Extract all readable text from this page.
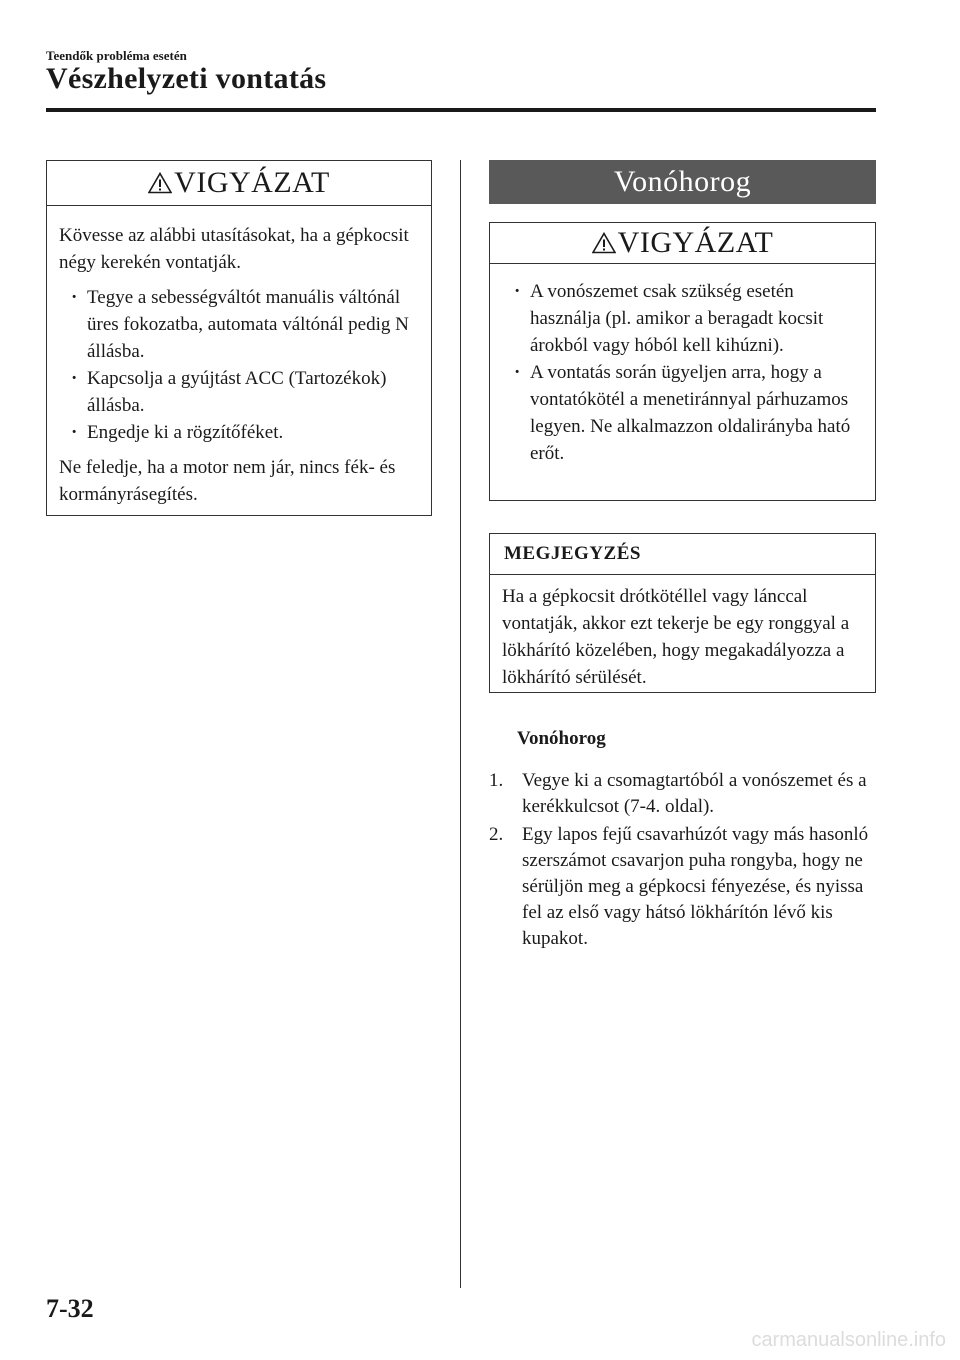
Teendők probléma esetén
Vészhelyzeti vontatás
VIGYÁZAT

Kövesse az alábbi utasításokat, ha a gépkocsit négy kerekén vontatják.

· Tegye a sebességváltót manuális váltónál üres fokozatba, automata váltónál pedig N állásba.
· Kapcsolja a gyújtást ACC (Tartozékok) állásba.
· Engedje ki a rögzítőféket.

Ne feledje, ha a motor nem jár, nincs fék- és kormányrásegítés.

Vonóhorog
VIGYÁZAT
· A vonószemet csak szükség esetén használja (pl. amikor a beragadt kocsit árokból vagy hóból kell kihúzni).
· A vontatás során ügyeljen arra, hogy a vontatókötél a menetiránnyal párhuzamos legyen. Ne alkalmazzon oldalirányba ható erőt.
MEGJEGYZÉS

Ha a gépkocsit drótkötéllel vagy lánccal vontatják, akkor ezt tekerje be egy ronggyal a lökhárító közelében, hogy megakadályozza a lökhárító sérülését.

Vonóhorog
1. Vegye ki a csomagtartóból a vonószemet és a kerékkulcsot (7-4. oldal).
2. Egy lapos fejű csavarhúzót vagy más hasonló szerszámot csavarjon puha rongyba, hogy ne sérüljön meg a gépkocsi fényezése, és nyissa fel az első vagy hátsó lökhárítón lévő kis kupakot.
7-32
carmanualsonline.info
